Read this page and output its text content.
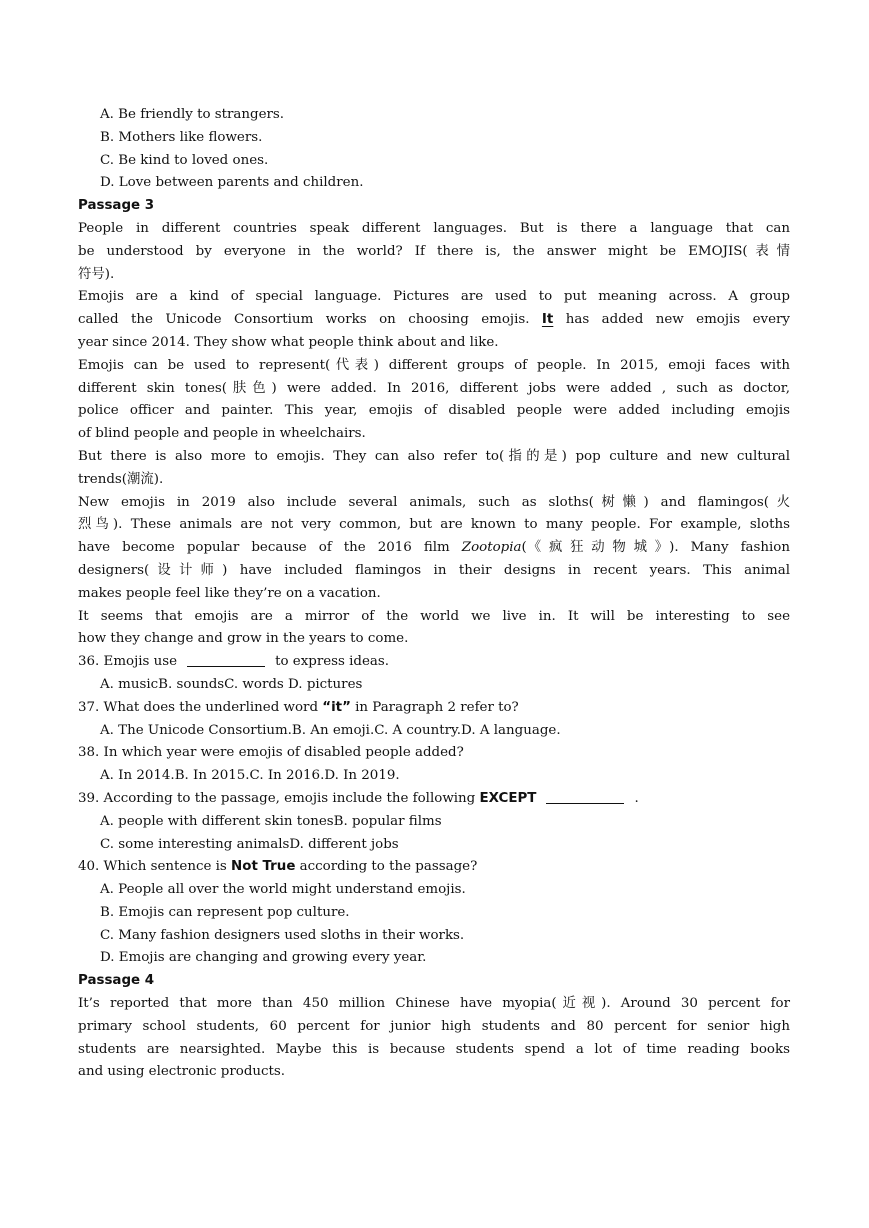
A. Be friendly to strangers.
B. Mothers like flowers.
C. Be kind to loved ones.
D. Love between parents and children.
Passage 3
People in different countries speak different languages. But is there a language that can
be understood by everyone in the world? If there is, the answer might be EMOJIS(表情
符号).
Emojis are a kind of special language. Pictures are used to put meaning across. A group
called the Unicode Consortium works on choosing emojis. It has added new emojis every
year since 2014. They show what people think about and like.
Emojis can be used to represent(代表) different groups of people. In 2015, emoji faces with
different skin tones(肤色) were added. In 2016, different jobs were added , such as doctor,
police officer and painter. This year, emojis of disabled people were added including emojis
of blind people and people in wheelchairs.
But there is also more to emojis. They can also refer to(指的是) pop culture and new cultural
trends(潮流).
New emojis in 2019 also include several animals, such as sloths(树懒) and flamingos(火
烈鸟). These animals are not very common, but are known to many people. For example, sloths
have become popular because of the 2016 film Zootopia(《疯狂动物城》). Many fashion
designers(设计师) have included flamingos in their designs in recent years. This animal
makes people feel like they’re on a vacation.
It seems that emojis are a mirror of the world we live in. It will be interesting to see
how they change and grow in the years to come.
36. Emojis use	to express ideas.
A. musicB. soundsC. words D. pictures
37. What does the underlined word “it” in Paragraph 2 refer to?
A. The Unicode Consortium.B. An emoji.C. A country.D. A language.
38. In which year were emojis of disabled people added?
A. In 2014.B. In 2015.C. In 2016.D. In 2019.
39. According to the passage, emojis include the following EXCEPT	.
A. people with different skin tonesB. popular films
C. some interesting animalsD. different jobs
40. Which sentence is Not True according to the passage?
A. People all over the world might understand emojis.
B. Emojis can represent pop culture.
C. Many fashion designers used sloths in their works.
D. Emojis are changing and growing every year.
Passage 4
It’s reported that more than 450 million Chinese have myopia(近视). Around 30 percent for
primary school students, 60 percent for junior high students and 80 percent for senior high
students are nearsighted. Maybe this is because students spend a lot of time reading books
and using electronic products.
